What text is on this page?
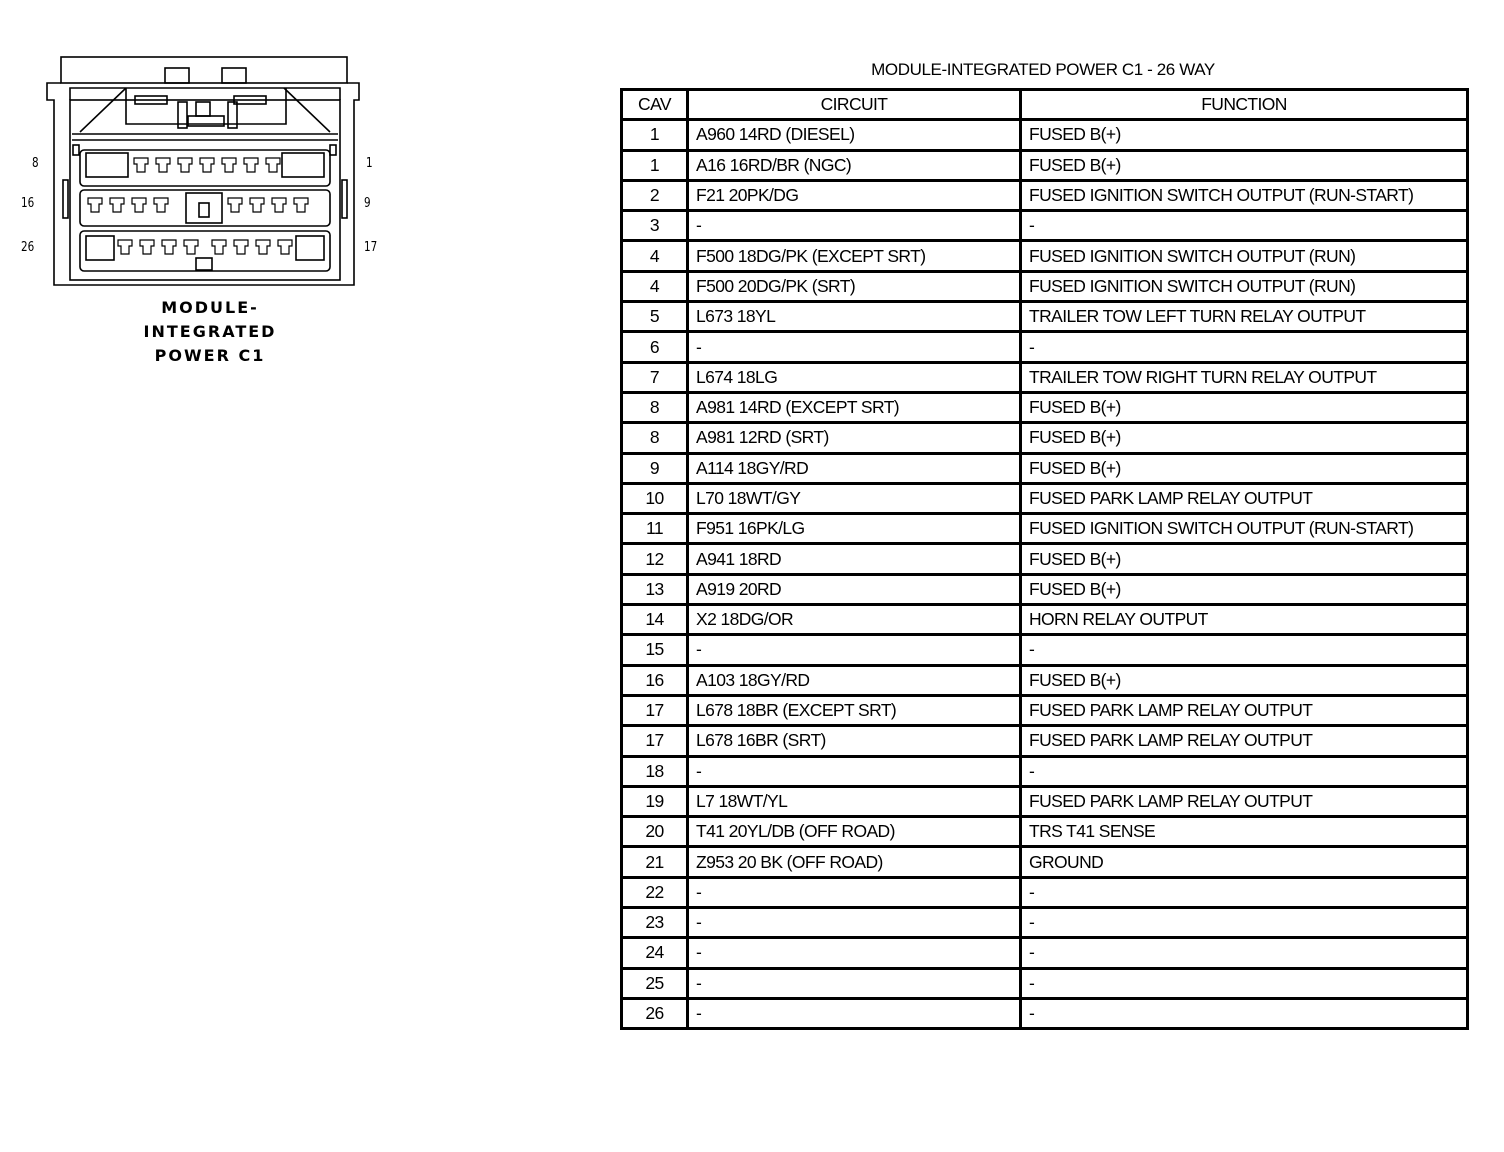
8	1
16	9
26	17
MODULE-
INTEGRATED
POWER C1
MODULE-INTEGRATED POWER C1 - 26 WAY
CAV	CIRCUIT	FUNCTION
1	A960 14RD (DIESEL)	FUSED B(+)
1	A16 16RD/BR (NGC)	FUSED B(+)
2	F21 20PK/DG	FUSED IGNITION SWITCH OUTPUT (RUN-START)
3	-	-
4	F500 18DG/PK (EXCEPT SRT)	FUSED IGNITION SWITCH OUTPUT (RUN)
4	F500 20DG/PK (SRT)	FUSED IGNITION SWITCH OUTPUT (RUN)
5	L673 18YL	TRAILER TOW LEFT TURN RELAY OUTPUT
6	-	-
7	L674 18LG	TRAILER TOW RIGHT TURN RELAY OUTPUT
8	A981 14RD (EXCEPT SRT)	FUSED B(+)
8	A981 12RD (SRT)	FUSED B(+)
9	A114 18GY/RD	FUSED B(+)
10	L70 18WT/GY	FUSED PARK LAMP RELAY OUTPUT
11	F951 16PK/LG	FUSED IGNITION SWITCH OUTPUT (RUN-START)
12	A941 18RD	FUSED B(+)
13	A919 20RD	FUSED B(+)
14	X2 18DG/OR	HORN RELAY OUTPUT
15	-	-
16	A103 18GY/RD	FUSED B(+)
17	L678 18BR (EXCEPT SRT)	FUSED PARK LAMP RELAY OUTPUT
17	L678 16BR (SRT)	FUSED PARK LAMP RELAY OUTPUT
18	-	-
19	L7 18WT/YL	FUSED PARK LAMP RELAY OUTPUT
20	T41 20YL/DB (OFF ROAD)	TRS T41 SENSE
21	Z953 20 BK (OFF ROAD)	GROUND
22	-	-
23	-	-
24	-	-
25	-	-
26	-	-
